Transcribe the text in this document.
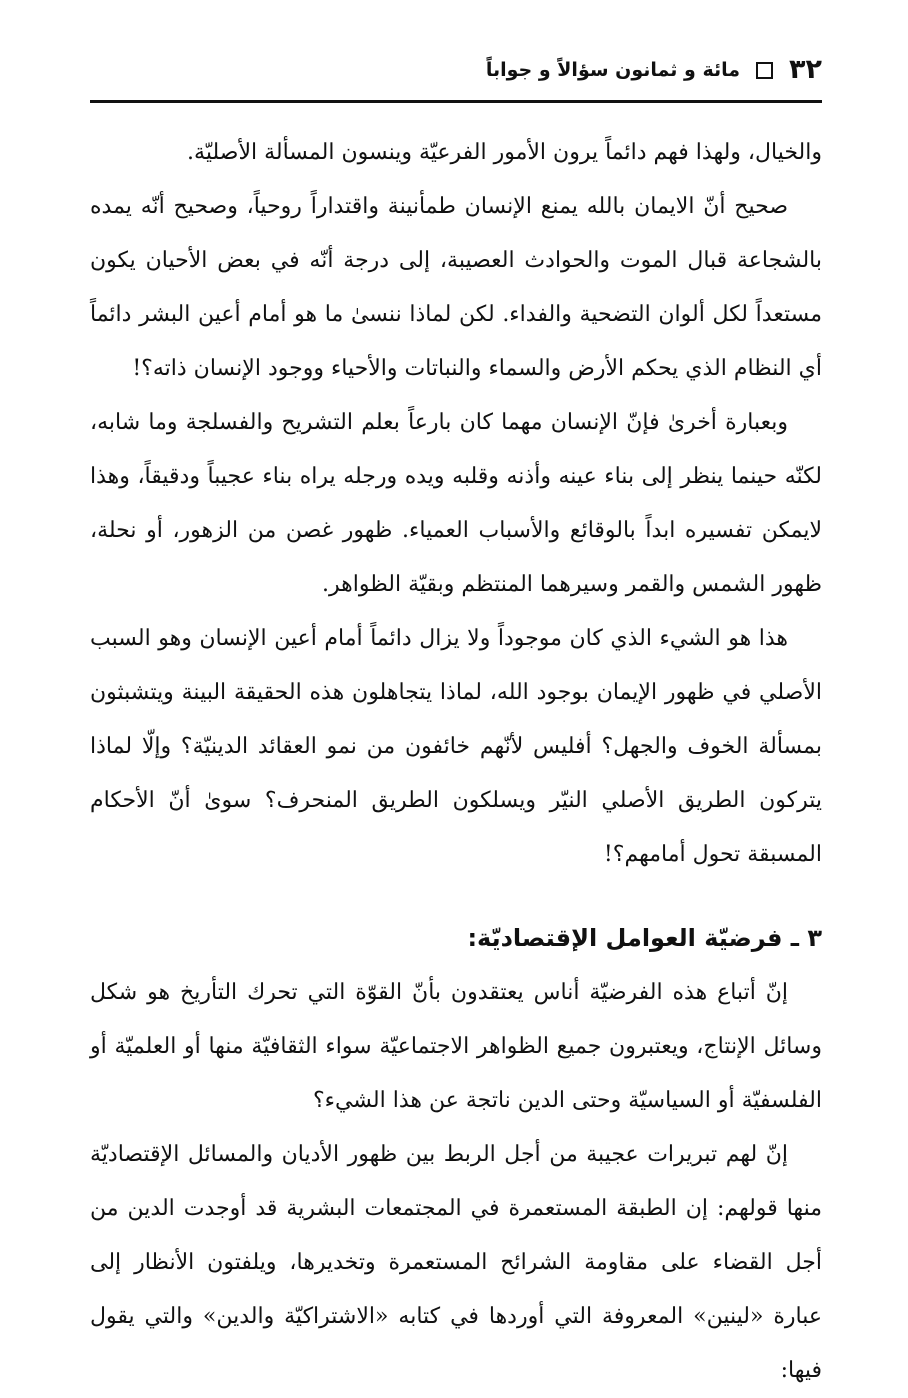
٣٢
مائة و ثمانون سؤالاً و جواباً

والخيال، ولهذا فهم دائماً يرون الأمور الفرعيّة وينسون المسألة الأصليّة.

صحيح أنّ الايمان بالله يمنع الإنسان طمأنينة واقتداراً روحياً، وصحيح أنّه يمده بالشجاعة قبال الموت والحوادث العصيبة، إلى درجة أنّه في بعض الأحيان يكون مستعداً لكل ألوان التضحية والفداء. لكن لماذا ننسىٰ ما هو أمام أعين البشر دائماً أي النظام الذي يحكم الأرض والسماء والنباتات والأحياء ووجود الإنسان ذاته؟!

وبعبارة أخرىٰ فإنّ الإنسان مهما كان بارعاً بعلم التشريح والفسلجة وما شابه، لكنّه حينما ينظر إلى بناء عينه وأذنه وقلبه ويده ورجله يراه بناء عجيباً ودقيقاً، وهذا لايمكن تفسيره ابداً بالوقائع والأسباب العمياء. ظهور غصن من الزهور، أو نحلة، ظهور الشمس والقمر وسيرهما المنتظم وبقيّة الظواهر.

هذا هو الشيء الذي كان موجوداً ولا يزال دائماً أمام أعين الإنسان وهو السبب الأصلي في ظهور الإيمان بوجود الله، لماذا يتجاهلون هذه الحقيقة البينة ويتشبثون بمسألة الخوف والجهل؟ أفليس لأنّهم خائفون من نمو العقائد الدينيّة؟ وإلّا لماذا يتركون الطريق الأصلي النيّر ويسلكون الطريق المنحرف؟ سوىٰ أنّ الأحكام المسبقة تحول أمامهم؟!

٣ ـ فرضيّة العوامل الإقتصاديّة:

إنّ أتباع هذه الفرضيّة أناس يعتقدون بأنّ القوّة التي تحرك التأريخ هو شكل وسائل الإنتاج، ويعتبرون جميع الظواهر الاجتماعيّة سواء الثقافيّة منها أو العلميّة أو الفلسفيّة أو السياسيّة وحتى الدين ناتجة عن هذا الشيء؟

إنّ لهم تبريرات عجيبة من أجل الربط بين ظهور الأديان والمسائل الإقتصاديّة منها قولهم: إن الطبقة المستعمرة في المجتمعات البشرية قد أوجدت الدين من أجل القضاء على مقاومة الشرائح المستعمرة وتخديرها، ويلفتون الأنظار إلى عبارة «لينين» المعروفة التي أوردها في كتابه «الاشتراكيّة والدين» والتي يقول فيها:
